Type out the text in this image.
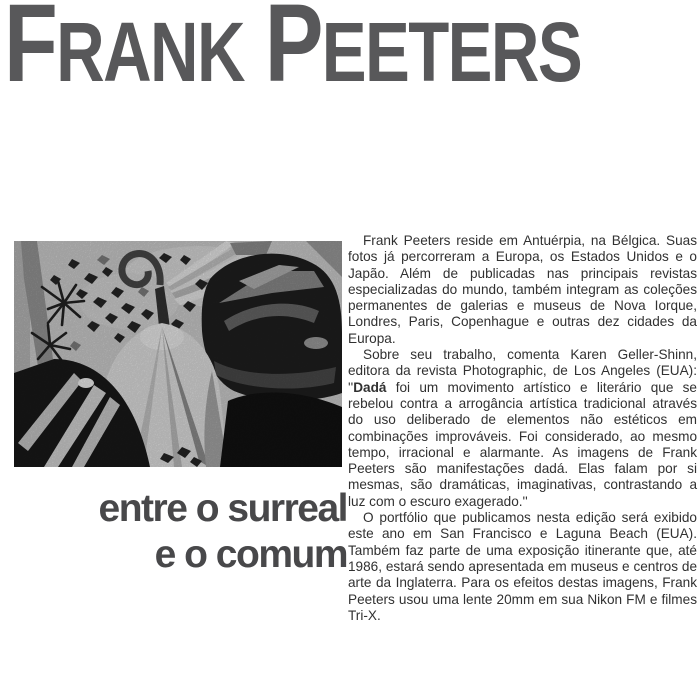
FRANK PEETERS

entre o surreal
e o comum

Frank Peeters reside em Antuérpia, na Bélgica. Suas fotos já percorreram a Europa, os Estados Unidos e o Japão. Além de publicadas nas principais revistas especializadas do mundo, também integram as coleções permanentes de galerias e museus de Nova Iorque, Londres, Paris, Copenhague e outras dez cidades da Europa.

Sobre seu trabalho, comenta Karen Geller-Shinn, editora da revista Photographic, de Los Angeles (EUA): ''Dadá foi um movimento artístico e literário que se rebelou contra a arrogância artística tradicional através do uso deliberado de elementos não estéticos em combinações improváveis. Foi considerado, ao mesmo tempo, irracional e alarmante. As imagens de Frank Peeters são manifestações dadá. Elas falam por si mesmas, são dramáticas, imaginativas, contrastando a luz com o escuro exagerado.''

O portfólio que publicamos nesta edição será exibido este ano em San Francisco e Laguna Beach (EUA). Também faz parte de uma exposição itinerante que, até 1986, estará sendo apresentada em museus e centros de arte da Inglaterra. Para os efeitos destas imagens, Frank Peeters usou uma lente 20mm em sua Nikon FM e filmes Tri-X.
